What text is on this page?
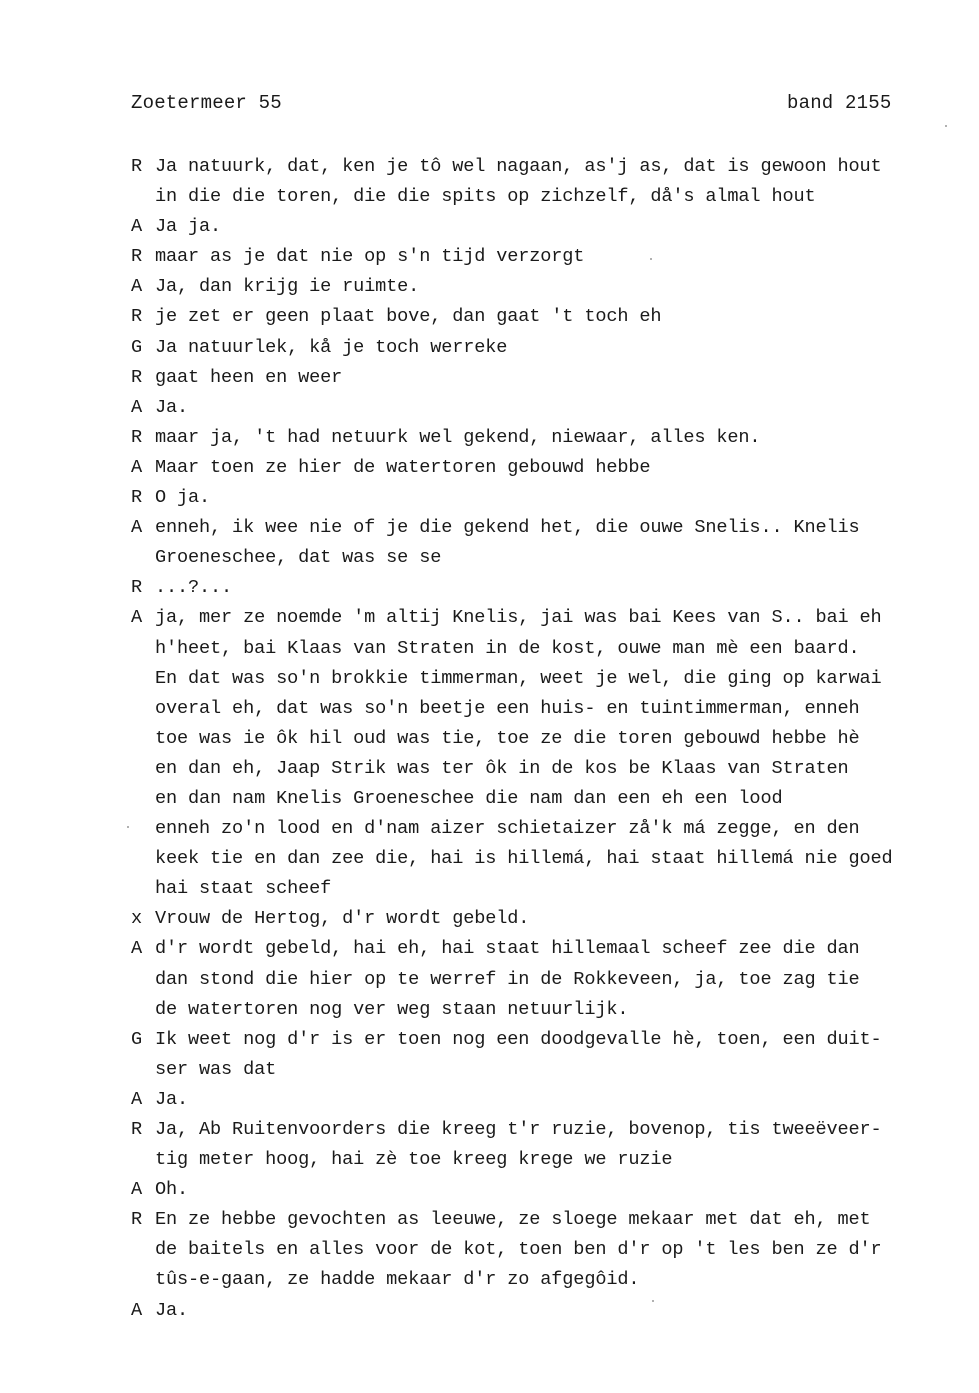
Zoetermeer 55	band 2155
R Ja natuurk, dat, ken je tô wel nagaan, as'j as, dat is gewoon hout
in die die toren, die die spits op zichzelf, då's almal hout
A Ja ja.
R maar as je dat nie op s'n tijd verzorgt
A Ja, dan krijg ie ruimte.
R je zet er geen plaat bove, dan gaat 't toch eh
G Ja natuurlek, kå je toch werreke
R gaat heen en weer
A Ja.
R maar ja, 't had netuurk wel gekend, niewaar, alles ken.
A Maar toen ze hier de watertoren gebouwd hebbe
R O ja.
A enneh, ik wee nie of je die gekend het, die ouwe Snelis.. Knelis
Groeneschee, dat was se se
R ...?...
A ja, mer ze noemde 'm altij Knelis, jai was bai Kees van S.. bai eh
h'heet, bai Klaas van Straten in de kost, ouwe man mè een baard.
En dat was so'n brokkie timmerman, weet je wel, die ging op karwai
overal eh, dat was so'n beetje een huis- en tuintimmerman, enneh
toe was ie ôk hil oud was tie, toe ze die toren gebouwd hebbe hè
en dan eh, Jaap Strik was ter ôk in de kos be Klaas van Straten
en dan nam Knelis Groeneschee die nam dan een eh een lood
enneh zo'n lood en d'nam aizer schietaizer zå'k má zegge, en den
keek tie en dan zee die, hai is hillemá, hai staat hillemá nie goed
hai staat scheef
x Vrouw de Hertog, d'r wordt gebeld.
A d'r wordt gebeld, hai eh, hai staat hillemaal scheef zee die dan
dan stond die hier op te werref in de Rokkeveen, ja, toe zag tie
de watertoren nog ver weg staan netuurlijk.
G Ik weet nog d'r is er toen nog een doodgevalle hè, toen, een duit-
ser was dat
A Ja.
R Ja, Ab Ruitenvoorders die kreeg t'r ruzie, bovenop, tis tweeëveer-
tig meter hoog, hai zè toe kreeg krege we ruzie
A Oh.
R En ze hebbe gevochten as leeuwe, ze sloege mekaar met dat eh, met
de baitels en alles voor de kot, toen ben d'r op 't les ben ze d'r
tûs-e-gaan, ze hadde mekaar d'r zo afgegôid.
A Ja.
